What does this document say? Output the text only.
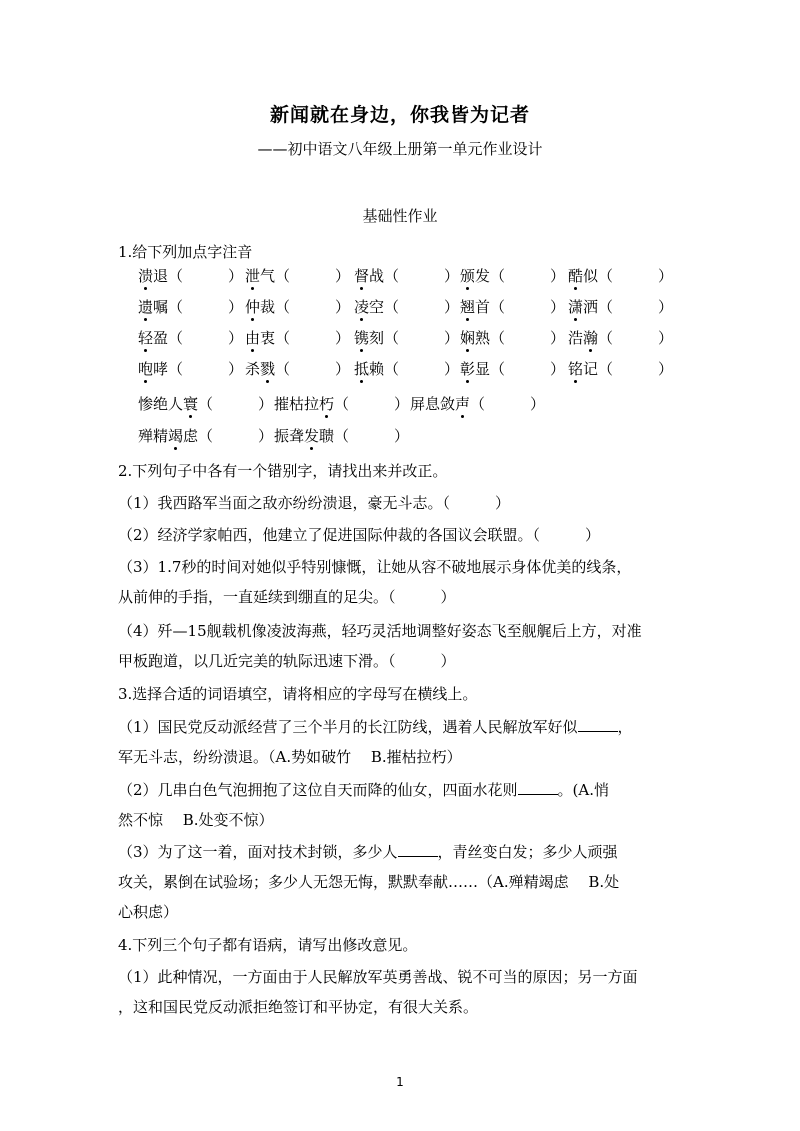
新闻就在身边，你我皆为记者
——初中语文八年级上册第一单元作业设计
基础性作业
1.给下列加点字注音
溃退（　　　） 泄气（　　　） 督战（　　　） 颁发（　　　） 酷似（　　　）
遗嘱（　　　） 仲裁（　　　） 凌空（　　　） 翘首（　　　） 潇洒（　　　）
轻盈（　　　） 由衷（　　　） 镌刻（　　　） 娴熟（　　　） 浩瀚（　　　）
咆哮（　　　） 杀戮（　　　） 抵赖（　　　） 彰显（　　　） 铭记（　　　）
惨绝人寰（　　　） 摧枯拉朽（　　　） 屏息敛声（　　　）
殚精竭虑（　　　） 振聋发聩（　　　）
2.下列句子中各有一个错别字，请找出来并改正。
（1）我西路军当面之敌亦纷纷溃退，豪无斗志。（　　　）
（2）经济学家帕西，他建立了促进国际仲裁的各国议会联盟。（　　　）
（3）1.7秒的时间对她似乎特别慷慨，让她从容不破地展示身体优美的线条，
从前伸的手指，一直延续到绷直的足尖。（　　　）
（4）歼—15舰载机像凌波海燕，轻巧灵活地调整好姿态飞至舰艉后上方，对准
甲板跑道，以几近完美的轨际迅速下滑。（　　　）
3.选择合适的词语填空，请将相应的字母写在横线上。
（1）国民党反动派经营了三个半月的长江防线，遇着人民解放军好似	，
军无斗志，纷纷溃退。（A.势如破竹　 B.摧枯拉朽）
（2）几串白色气泡拥抱了这位自天而降的仙女，四面水花则	。(A.悄
然不惊　 B.处变不惊）
（3）为了这一着，面对技术封锁，多少人	，青丝变白发；多少人顽强
攻关，累倒在试验场；多少人无怨无悔，默默奉献……（A.殚精竭虑　 B.处
心积虑）
4.下列三个句子都有语病，请写出修改意见。
（1）此种情况，一方面由于人民解放军英勇善战、锐不可当的原因；另一方面
，这和国民党反动派拒绝签订和平协定，有很大关系。
1
